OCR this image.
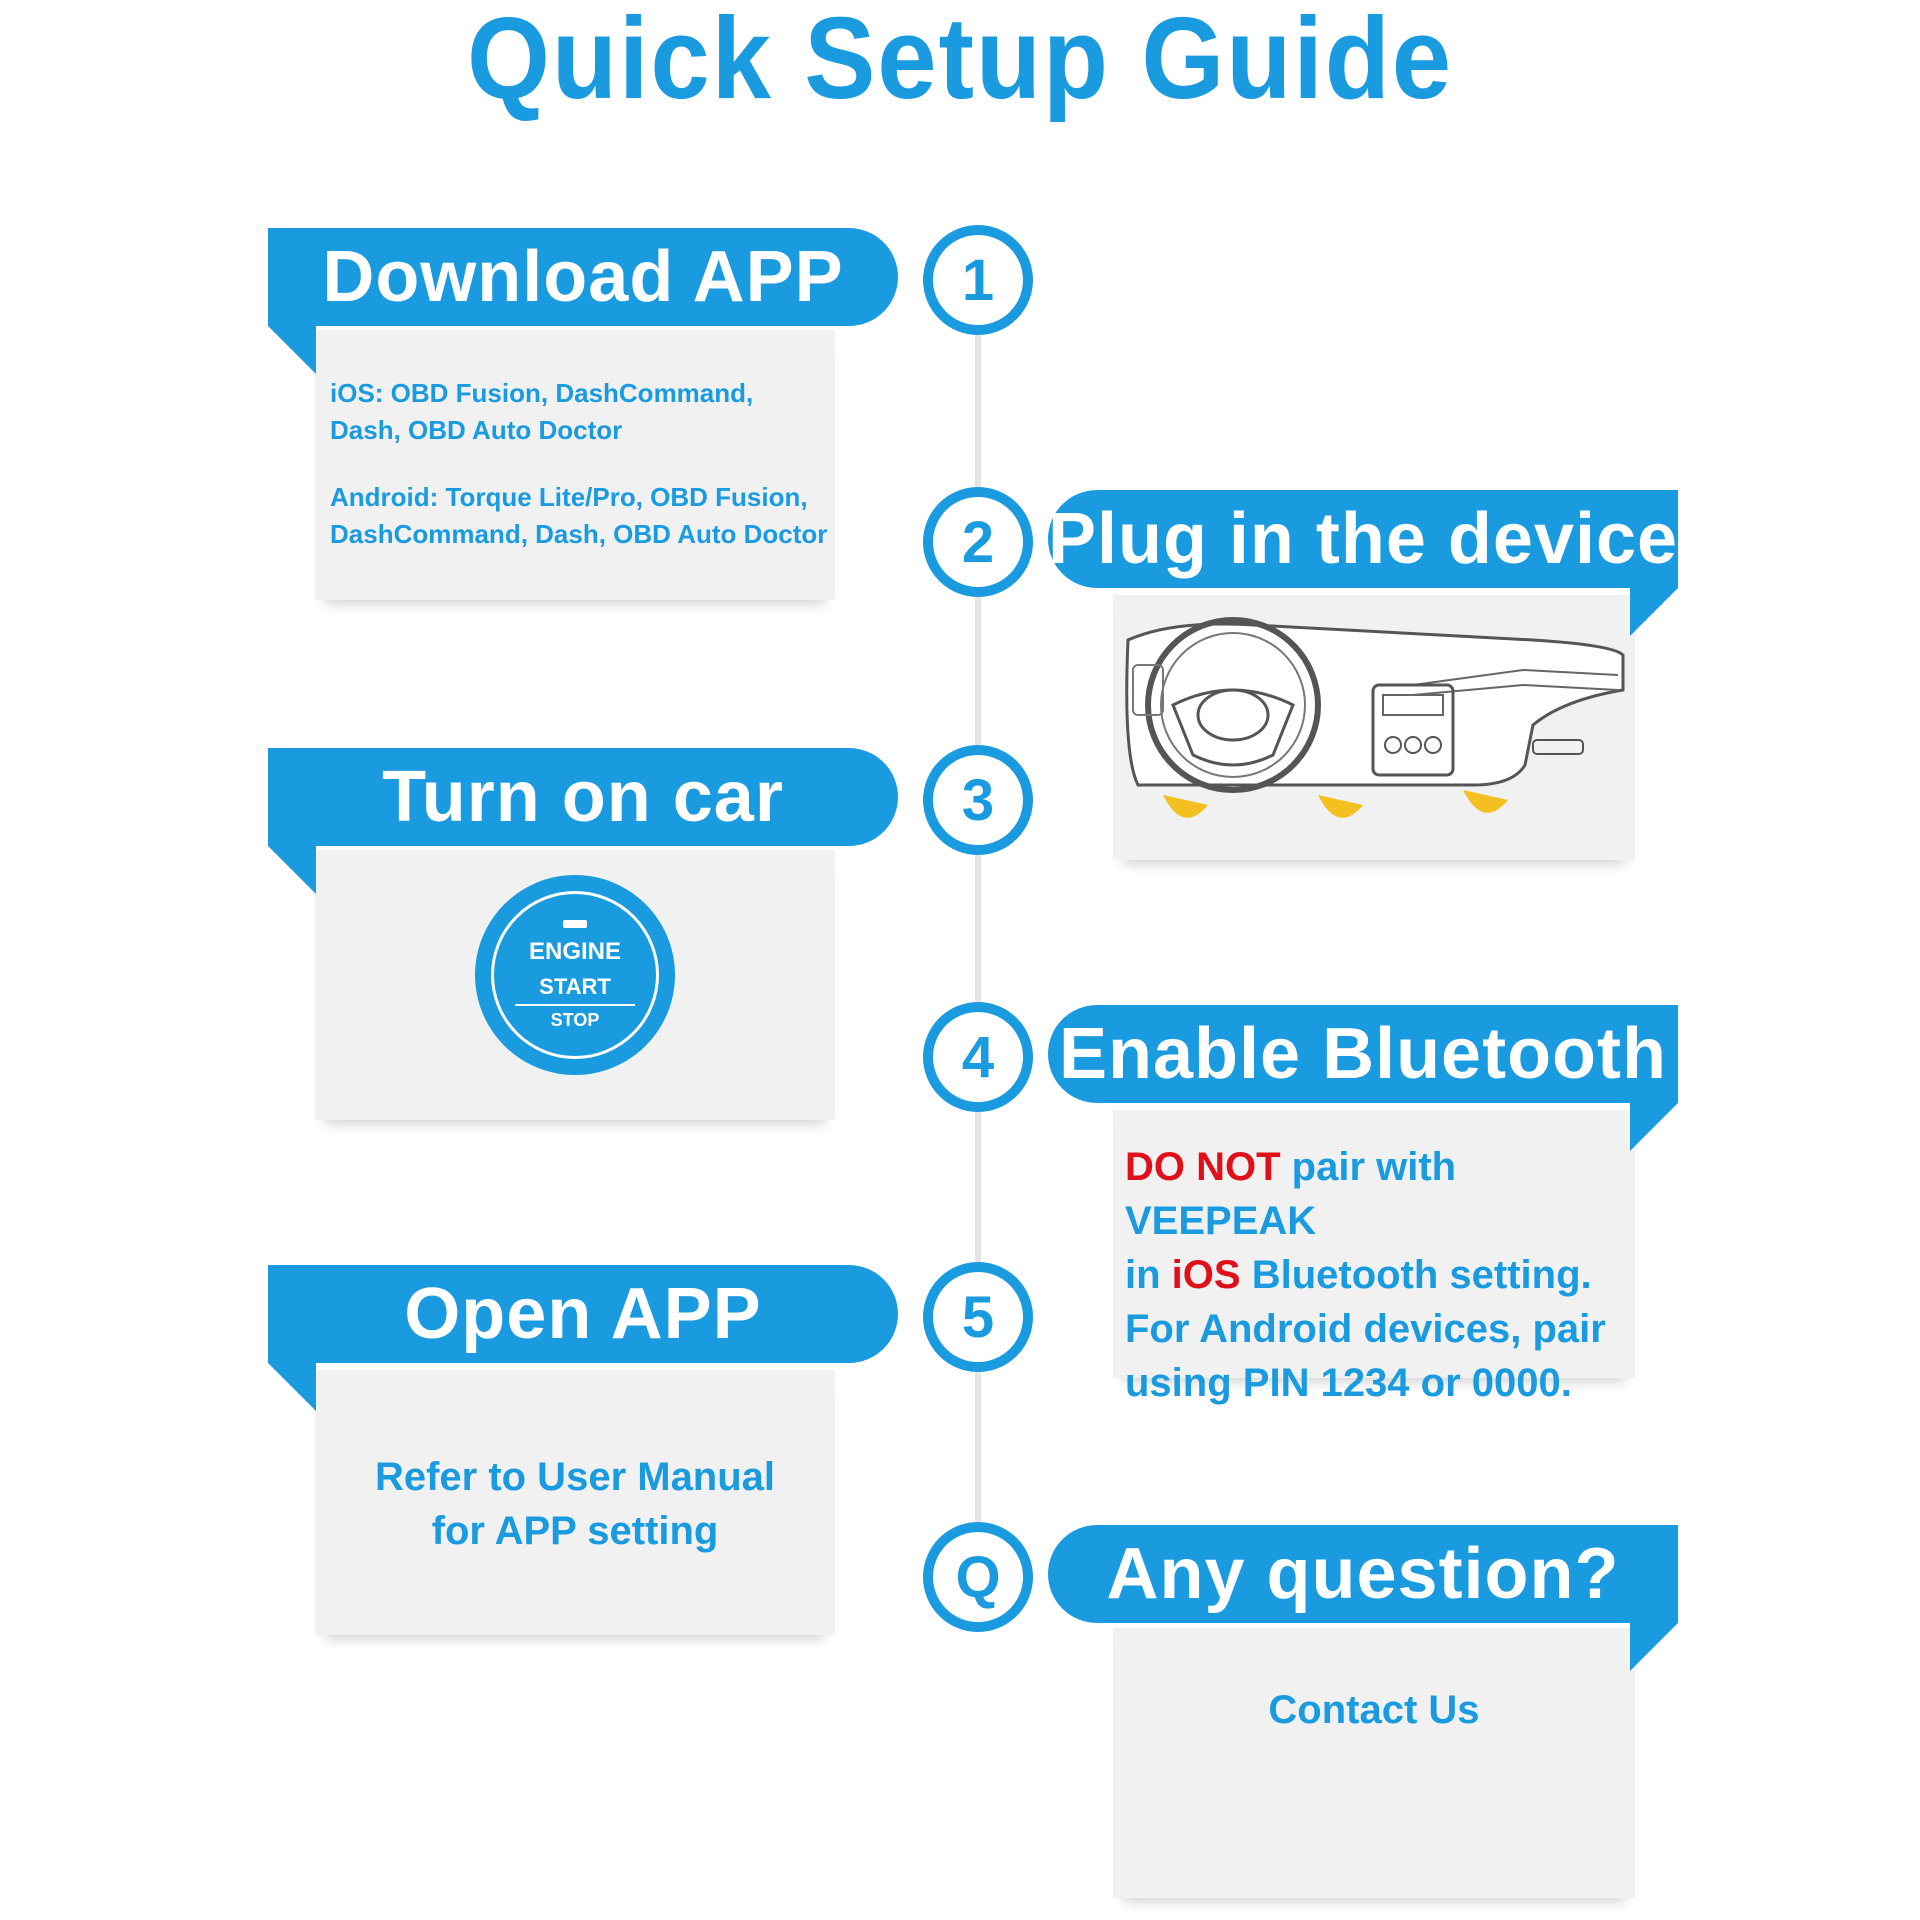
Quick Setup Guide
iOS: OBD Fusion, DashCommand,
Dash, OBD Auto Doctor
Android: Torque Lite/Pro, OBD Fusion,
DashCommand, Dash, OBD Auto Doctor
Download APP	1
Plug in the device
2
ENGINE
START
STOP
Turn on car	3
DO NOT pair with VEEPEAK
in iOS Bluetooth setting.
For Android devices, pair
using PIN 1234 or 0000.
Enable Bluetooth
4
Refer to User Manual
for APP setting
Open APP	5
Contact Us
Any question?
Q
